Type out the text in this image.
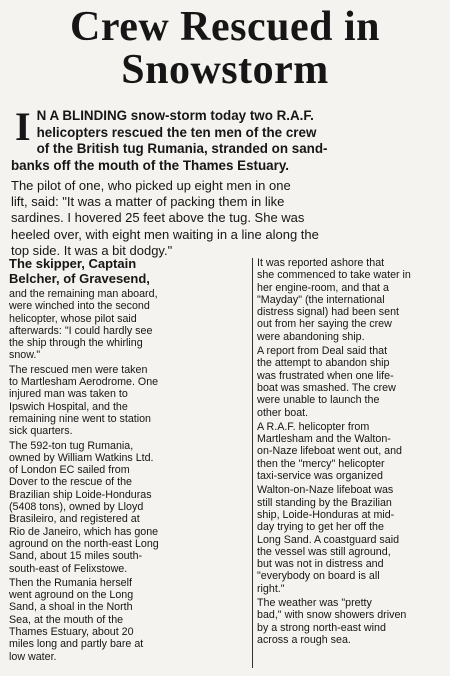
Crew Rescued in
Snowstorm
I N A BLINDING snow-storm today two R.A.F.
helicopters rescued the ten men of the crew
of the British tug Rumania, stranded on sand-
banks off the mouth of the Thames Estuary.
The pilot of one, who picked up eight men in one
lift, said: "It was a matter of packing them in like
sardines. I hovered 25 feet above the tug. She was
heeled over, with eight men waiting in a line along the
top side. It was a bit dodgy."

The skipper, Captain
Belcher, of Gravesend,

and the remaining man aboard,
were winched into the second
helicopter, whose pilot said
afterwards: "I could hardly see
the ship through the whirling
snow."

The rescued men were taken
to Martlesham Aerodrome. One
injured man was taken to
Ipswich Hospital, and the
remaining nine went to station
sick quarters.

The 592-ton tug Rumania,
owned by William Watkins Ltd.
of London EC sailed from
Dover to the rescue of the
Brazilian ship Loide-Honduras
(5408 tons), owned by Lloyd
Brasileiro, and registered at
Rio de Janeiro, which has gone
aground on the north-east Long
Sand, about 15 miles south-
south-east of Felixstowe.

Then the Rumania herself
went aground on the Long
Sand, a shoal in the North
Sea, at the mouth of the
Thames Estuary, about 20
miles long and partly bare at
low water.

It was reported ashore that
she commenced to take water in
her engine-room, and that a
"Mayday" (the international
distress signal) had been sent
out from her saying the crew
were abandoning ship.

A report from Deal said that
the attempt to abandon ship
was frustrated when one life-
boat was smashed. The crew
were unable to launch the
other boat.

A R.A.F. helicopter from
Martlesham and the Walton-
on-Naze lifeboat went out, and
then the "mercy" helicopter
taxi-service was organized

Walton-on-Naze lifeboat was
still standing by the Brazilian
ship, Loide-Honduras at mid-
day trying to get her off the
Long Sand. A coastguard said
the vessel was still aground,
but was not in distress and
"everybody on board is all
right."

The weather was "pretty
bad," with snow showers driven
by a strong north-east wind
across a rough sea.
